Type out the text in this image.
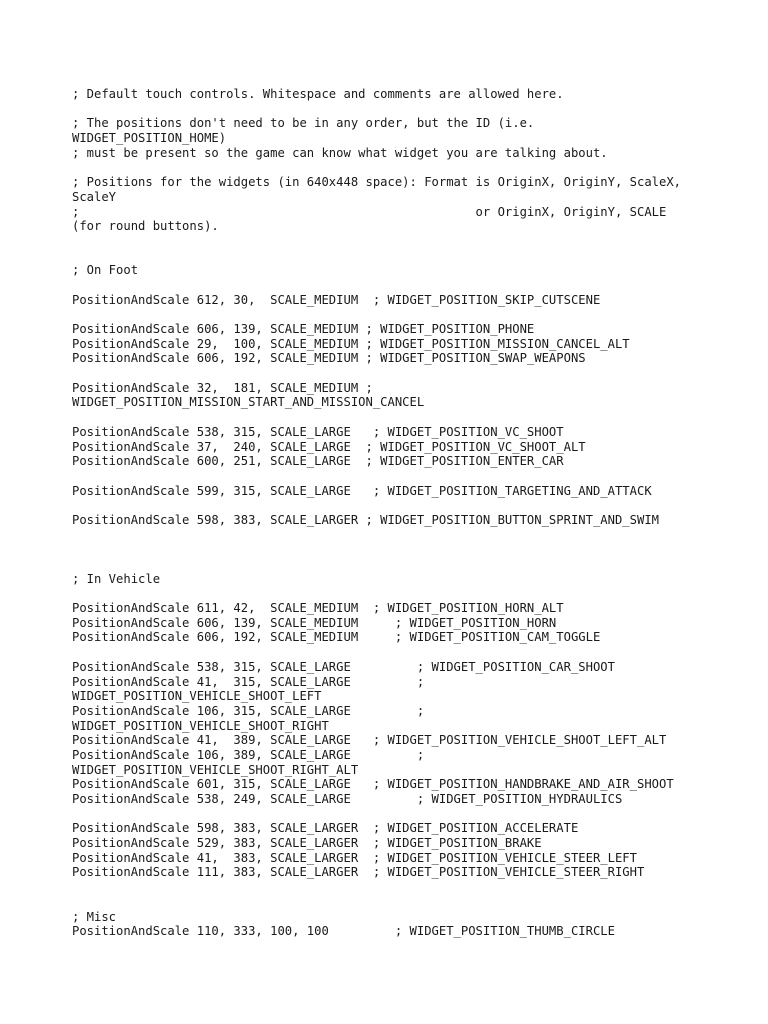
; Default touch controls. Whitespace and comments are allowed here.
; The positions don't need to be in any order, but the ID (i.e.
WIDGET_POSITION_HOME)
; must be present so the game can know what widget you are talking about.
; Positions for the widgets (in 640x448 space): Format is OriginX, OriginY, ScaleX,
ScaleY
;                                                      or OriginX, OriginY, SCALE
(for round buttons).
; On Foot
PositionAndScale 612, 30,  SCALE_MEDIUM  ; WIDGET_POSITION_SKIP_CUTSCENE
PositionAndScale 606, 139, SCALE_MEDIUM ; WIDGET_POSITION_PHONE
PositionAndScale 29,  100, SCALE_MEDIUM ; WIDGET_POSITION_MISSION_CANCEL_ALT
PositionAndScale 606, 192, SCALE_MEDIUM ; WIDGET_POSITION_SWAP_WEAPONS
PositionAndScale 32,  181, SCALE_MEDIUM ;
WIDGET_POSITION_MISSION_START_AND_MISSION_CANCEL
PositionAndScale 538, 315, SCALE_LARGE   ; WIDGET_POSITION_VC_SHOOT
PositionAndScale 37,  240, SCALE_LARGE  ; WIDGET_POSITION_VC_SHOOT_ALT
PositionAndScale 600, 251, SCALE_LARGE  ; WIDGET_POSITION_ENTER_CAR
PositionAndScale 599, 315, SCALE_LARGE   ; WIDGET_POSITION_TARGETING_AND_ATTACK
PositionAndScale 598, 383, SCALE_LARGER ; WIDGET_POSITION_BUTTON_SPRINT_AND_SWIM
; In Vehicle
PositionAndScale 611, 42,  SCALE_MEDIUM  ; WIDGET_POSITION_HORN_ALT
PositionAndScale 606, 139, SCALE_MEDIUM     ; WIDGET_POSITION_HORN
PositionAndScale 606, 192, SCALE_MEDIUM     ; WIDGET_POSITION_CAM_TOGGLE
PositionAndScale 538, 315, SCALE_LARGE         ; WIDGET_POSITION_CAR_SHOOT
PositionAndScale 41,  315, SCALE_LARGE         ;
WIDGET_POSITION_VEHICLE_SHOOT_LEFT
PositionAndScale 106, 315, SCALE_LARGE         ;
WIDGET_POSITION_VEHICLE_SHOOT_RIGHT
PositionAndScale 41,  389, SCALE_LARGE   ; WIDGET_POSITION_VEHICLE_SHOOT_LEFT_ALT
PositionAndScale 106, 389, SCALE_LARGE         ;
WIDGET_POSITION_VEHICLE_SHOOT_RIGHT_ALT
PositionAndScale 601, 315, SCALE_LARGE   ; WIDGET_POSITION_HANDBRAKE_AND_AIR_SHOOT
PositionAndScale 538, 249, SCALE_LARGE         ; WIDGET_POSITION_HYDRAULICS
PositionAndScale 598, 383, SCALE_LARGER  ; WIDGET_POSITION_ACCELERATE
PositionAndScale 529, 383, SCALE_LARGER  ; WIDGET_POSITION_BRAKE
PositionAndScale 41,  383, SCALE_LARGER  ; WIDGET_POSITION_VEHICLE_STEER_LEFT
PositionAndScale 111, 383, SCALE_LARGER  ; WIDGET_POSITION_VEHICLE_STEER_RIGHT
; Misc
PositionAndScale 110, 333, 100, 100         ; WIDGET_POSITION_THUMB_CIRCLE
